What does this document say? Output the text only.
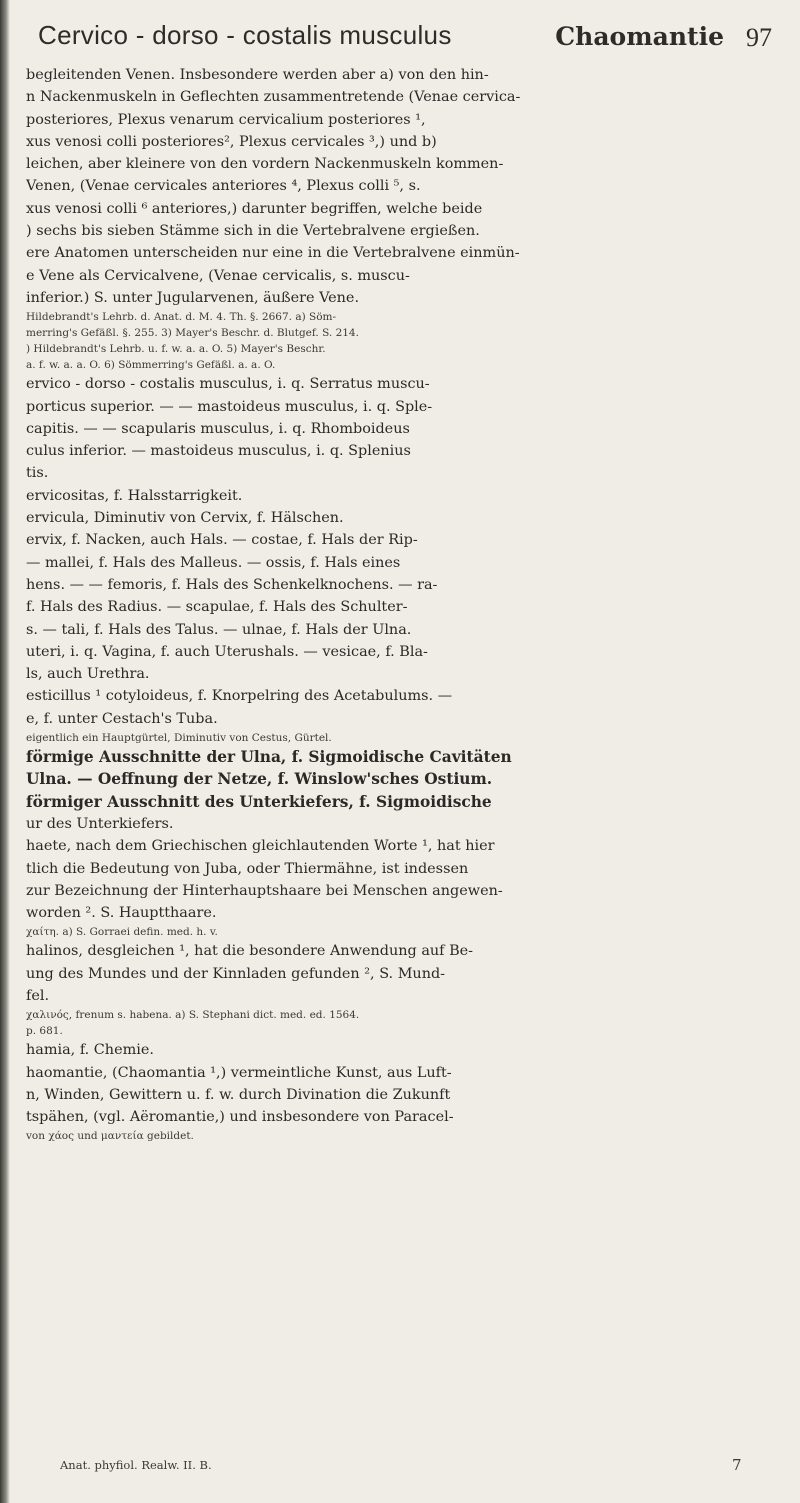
Cervico - dorso - costalis musculus	Chaomantie 97
begleitenden Venen. Insbesondere werden aber a) von den hin-
n Nackenmuskeln in Geflechten zusammentretende (Venae cervica-
posteriores, Plexus venarum cervicalium posteriores ¹,
xus venosi colli posteriores², Plexus cervicales ³,) und b)
leichen, aber kleinere von den vordern Nackenmuskeln kommen-
Venen, (Venae cervicales anteriores ⁴, Plexus colli ⁵, s.
xus venosi colli ⁶ anteriores,) darunter begriffen, welche beide
) sechs bis sieben Stämme sich in die Vertebralvene ergießen.
ere Anatomen unterscheiden nur eine in die Vertebralvene einmün-
e Vene als Cervicalvene, (Venae cervicalis, s. muscu-
inferior.) S. unter Jugularvenen, äußere Vene.
Hildebrandt's Lehrb. d. Anat. d. M. 4. Th. §. 2667. a) Söm-
merring's Gefäßl. §. 255. 3) Mayer's Beschr. d. Blutgef. S. 214.
) Hildebrandt's Lehrb. u. f. w. a. a. O. 5) Mayer's Beschr.
a. f. w. a. a. O. 6) Sömmerring's Gefäßl. a. a. O.
ervico - dorso - costalis musculus, i. q. Serratus muscu-
porticus superior. — — mastoideus musculus, i. q. Sple-
capitis. — — scapularis musculus, i. q. Rhomboideus
culus inferior. — mastoideus musculus, i. q. Splenius
tis.
ervicositas, f. Halsstarrigkeit.
ervicula, Diminutiv von Cervix, f. Hälschen.
ervix, f. Nacken, auch Hals. — costae, f. Hals der Rip-
— mallei, f. Hals des Malleus. — ossis, f. Hals eines
hens. — — femoris, f. Hals des Schenkelknochens. — ra-
f. Hals des Radius. — scapulae, f. Hals des Schulter-
s. — tali, f. Hals des Talus. — ulnae, f. Hals der Ulna.
uteri, i. q. Vagina, f. auch Uterushals. — vesicae, f. Bla-
ls, auch Urethra.
esticillus ¹ cotyloideus, f. Knorpelring des Acetabulums. —
e, f. unter Cestach's Tuba.
eigentlich ein Hauptgürtel, Diminutiv von Cestus, Gürtel.
förmige Ausschnitte der Ulna, f. Sigmoidische Cavitäten
Ulna. — Oeffnung der Netze, f. Winslow'sches Ostium.
förmiger Ausschnitt des Unterkiefers, f. Sigmoidische
ur des Unterkiefers.
haete, nach dem Griechischen gleichlautenden Worte ¹, hat hier
tlich die Bedeutung von Juba, oder Thiermähne, ist indessen
zur Bezeichnung der Hinterhauptshaare bei Menschen angewen-
worden ². S. Hauptthaare.
χαίτη. a) S. Gorraei defin. med. h. v.
halinos, desgleichen ¹, hat die besondere Anwendung auf Be-
ung des Mundes und der Kinnladen gefunden ², S. Mund-
fel.
χαλινός, frenum s. habena. a) S. Stephani dict. med. ed. 1564.
p. 681.
hamia, f. Chemie.
haomantie, (Chaomantia ¹,) vermeintliche Kunst, aus Luft-
n, Winden, Gewittern u. f. w. durch Divination die Zukunft
tspähen, (vgl. Aëromantie,) und insbesondere von Paracel-
von χάος und μαντεία gebildet.
Anat. phyfiol. Realw. II. B.	7
